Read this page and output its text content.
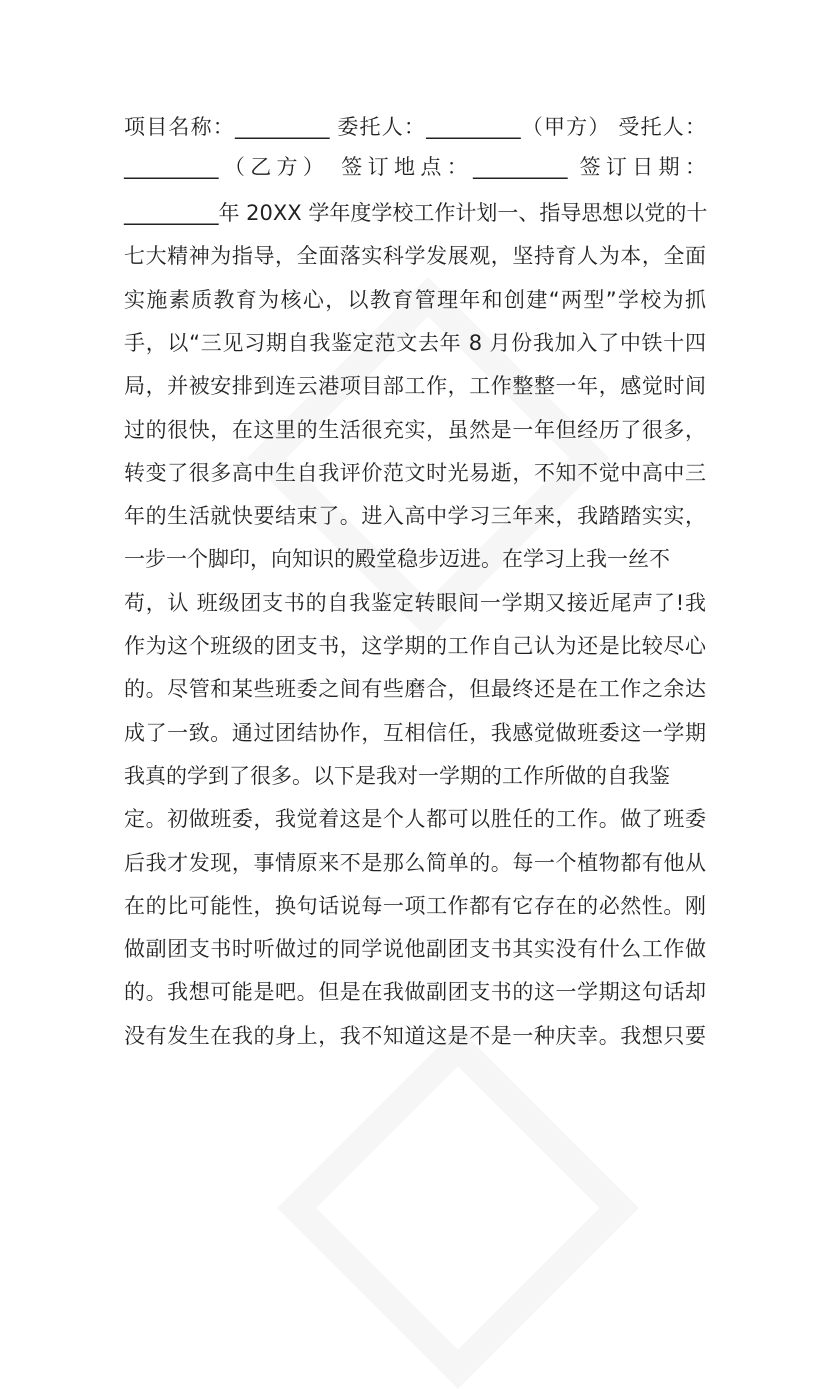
项目名称：_________ 委托人：_________（甲方） 受托人：
_________（乙方） 签订地点：_________ 签订日期：
_________年 20XX 学年度学校工作计划一、指导思想以党的十
七大精神为指导，全面落实科学发展观，坚持育人为本，全面
实施素质教育为核心，以教育管理年和创建“两型”学校为抓
手，以“三见习期自我鉴定范文去年 8 月份我加入了中铁十四
局，并被安排到连云港项目部工作，工作整整一年，感觉时间
过的很快，在这里的生活很充实，虽然是一年但经历了很多，
转变了很多高中生自我评价范文时光易逝，不知不觉中高中三
年的生活就快要结束了。进入高中学习三年来，我踏踏实实，
一步一个脚印，向知识的殿堂稳步迈进。在学习上我一丝不
苟，认 班级团支书的自我鉴定转眼间一学期又接近尾声了!我
作为这个班级的团支书，这学期的工作自己认为还是比较尽心
的。尽管和某些班委之间有些磨合，但最终还是在工作之余达
成了一致。通过团结协作，互相信任，我感觉做班委这一学期
我真的学到了很多。以下是我对一学期的工作所做的自我鉴
定。初做班委，我觉着这是个人都可以胜任的工作。做了班委
后我才发现，事情原来不是那么简单的。每一个植物都有他从
在的比可能性，换句话说每一项工作都有它存在的必然性。刚
做副团支书时听做过的同学说他副团支书其实没有什么工作做
的。我想可能是吧。但是在我做副团支书的这一学期这句话却
没有发生在我的身上，我不知道这是不是一种庆幸。我想只要
